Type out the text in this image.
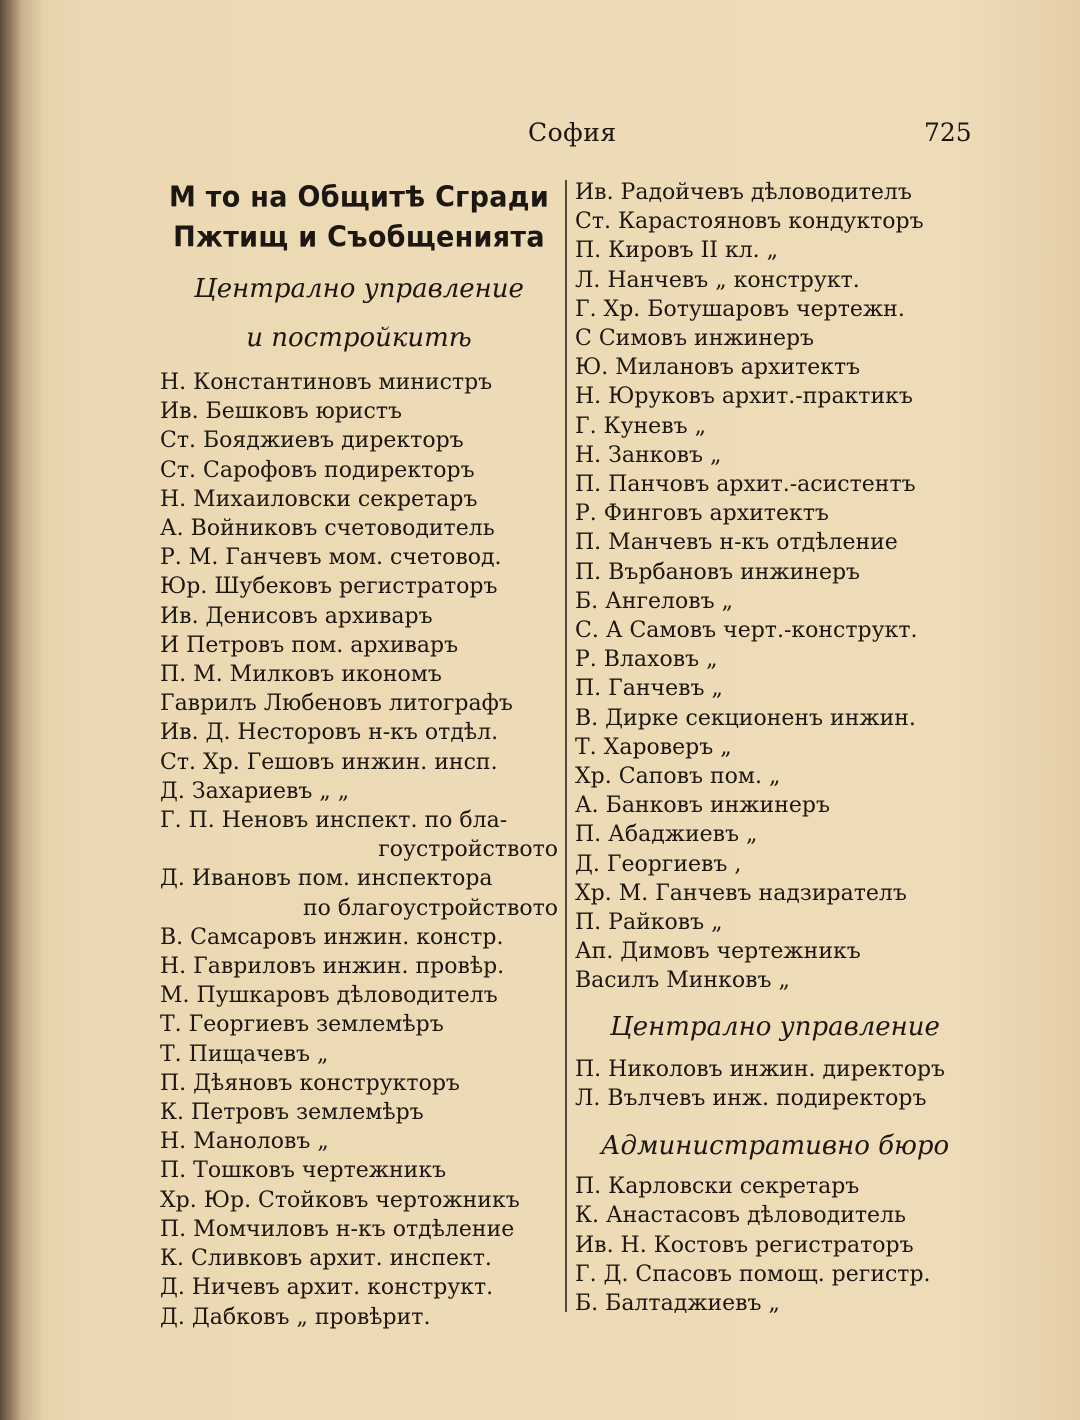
София	725
М то на Общитѣ Сгради
Пжтищ и Съобщенията
Централно управление
и постройкитѣ
Н. Константиновъ министръ
Ив. Бешковъ юристъ
Ст. Бояджиевъ директоръ
Ст. Сарофовъ подиректоръ
Н. Михаиловски секретаръ
А. Войниковъ счетоводитель
Р. М. Ганчевъ мом. счетовод.
Юр. Шубековъ регистраторъ
Ив. Денисовъ архиваръ
И Петровъ пом. архиваръ
П. М. Милковъ икономъ
Гаврилъ Любеновъ литографъ
Ив. Д. Несторовъ н-къ отдѣл.
Ст. Хр. Гешовъ инжин. инсп.
Д. Захариевъ „ „
Г. П. Неновъ инспект. по бла-
гоустройството
Д. Ивановъ пом. инспектора
по благоустройството
В. Самсаровъ инжин. констр.
Н. Гавриловъ инжин. провѣр.
М. Пушкаровъ дѣловодителъ
Т. Георгиевъ землемѣръ
Т. Пищачевъ „
П. Дѣяновъ конструкторъ
К. Петровъ землемѣръ
Н. Маноловъ „
П. Тошковъ чертежникъ
Хр. Юр. Стойковъ чертожникъ
П. Момчиловъ н-къ отдѣление
К. Сливковъ архит. инспект.
Д. Ничевъ архит. конструкт.
Д. Дабковъ „ провѣрит.
Ив. Радойчевъ дѣловодителъ
Ст. Карастояновъ кондукторъ
П. Кировъ II кл. „
Л. Нанчевъ „ конструкт.
Г. Хр. Ботушаровъ чертежн.
С Симовъ инжинеръ
Ю. Милановъ архитектъ
Н. Юруковъ архит.-практикъ
Г. Куневъ „
Н. Занковъ „
П. Панчовъ архит.-асистентъ
Р. Финговъ архитектъ
П. Манчевъ н-къ отдѣление
П. Върбановъ инжинеръ
Б. Ангеловъ „
С. А Самовъ черт.-конструкт.
Р. Влаховъ „
П. Ганчевъ „
В. Дирке секционенъ инжин.
Т. Хароверъ „
Хр. Саповъ пом. „
А. Банковъ инжинеръ
П. Абаджиевъ „
Д. Георгиевъ ,
Хр. М. Ганчевъ надзирателъ
П. Райковъ „
Ап. Димовъ чертежникъ
Василъ Минковъ „
Централно управление
П. Николовъ инжин. директоръ
Л. Вълчевъ инж. подиректоръ
Административно бюро
П. Карловски секретаръ
К. Анастасовъ дѣловодитель
Ив. Н. Костовъ регистраторъ
Г. Д. Спасовъ помощ. регистр.
Б. Балтаджиевъ „
